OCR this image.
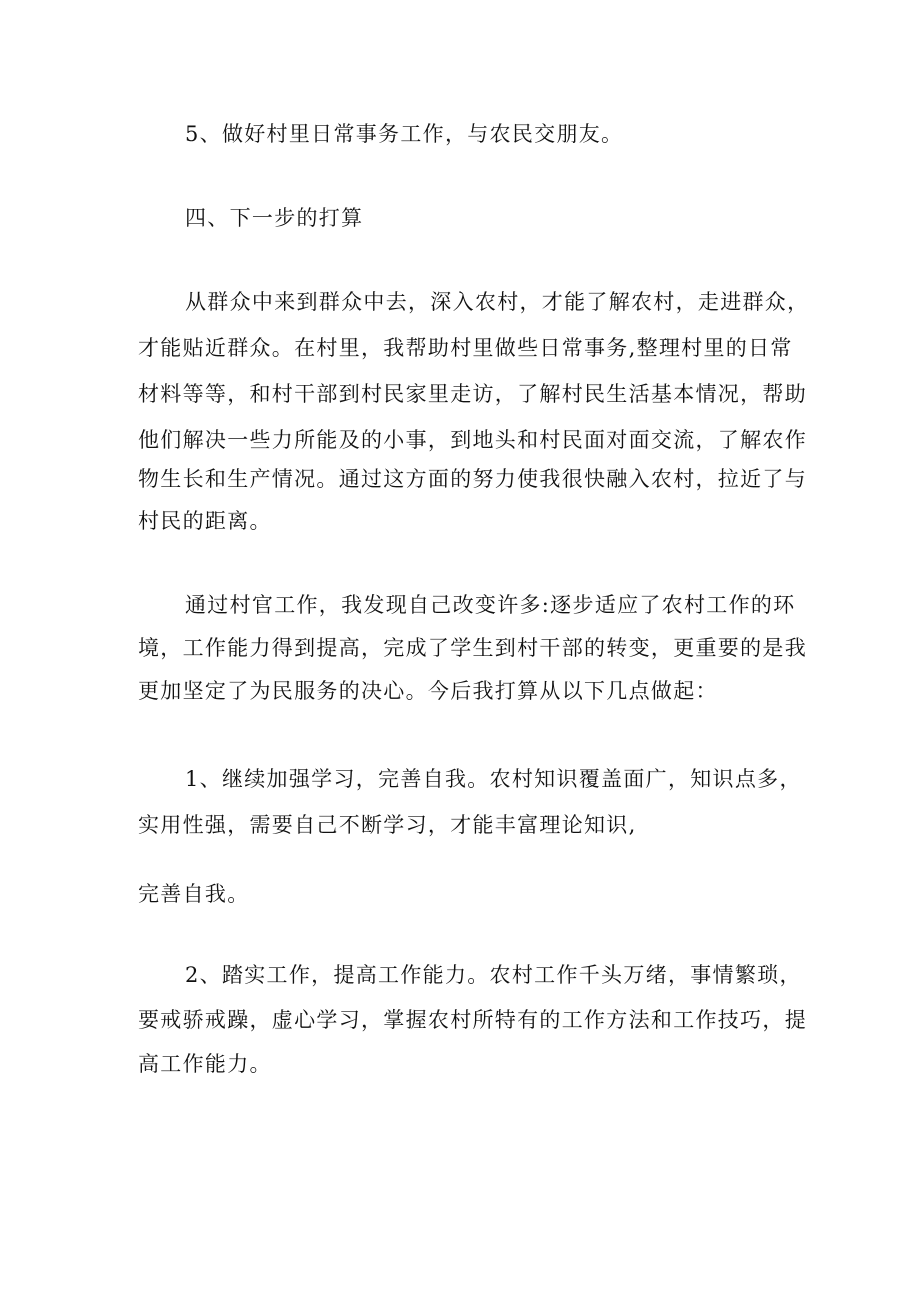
5、做好村里日常事务工作，与农民交朋友。
四、下一步的打算
从群众中来到群众中去，深入农村，才能了解农村，走进群众，
才能贴近群众。在村里，我帮助村里做些日常事务,整理村里的日常
材料等等，和村干部到村民家里走访，了解村民生活基本情况，帮助
他们解决一些力所能及的小事，到地头和村民面对面交流，了解农作
物生长和生产情况。通过这方面的努力使我很快融入农村，拉近了与
村民的距离。
通过村官工作，我发现自己改变许多:逐步适应了农村工作的环
境，工作能力得到提高，完成了学生到村干部的转变，更重要的是我
更加坚定了为民服务的决心。今后我打算从以下几点做起：
1、继续加强学习，完善自我。农村知识覆盖面广，知识点多，
实用性强，需要自己不断学习，才能丰富理论知识,
完善自我。
2、踏实工作，提高工作能力。农村工作千头万绪，事情繁琐，
要戒骄戒躁，虚心学习，掌握农村所特有的工作方法和工作技巧，提
高工作能力。
